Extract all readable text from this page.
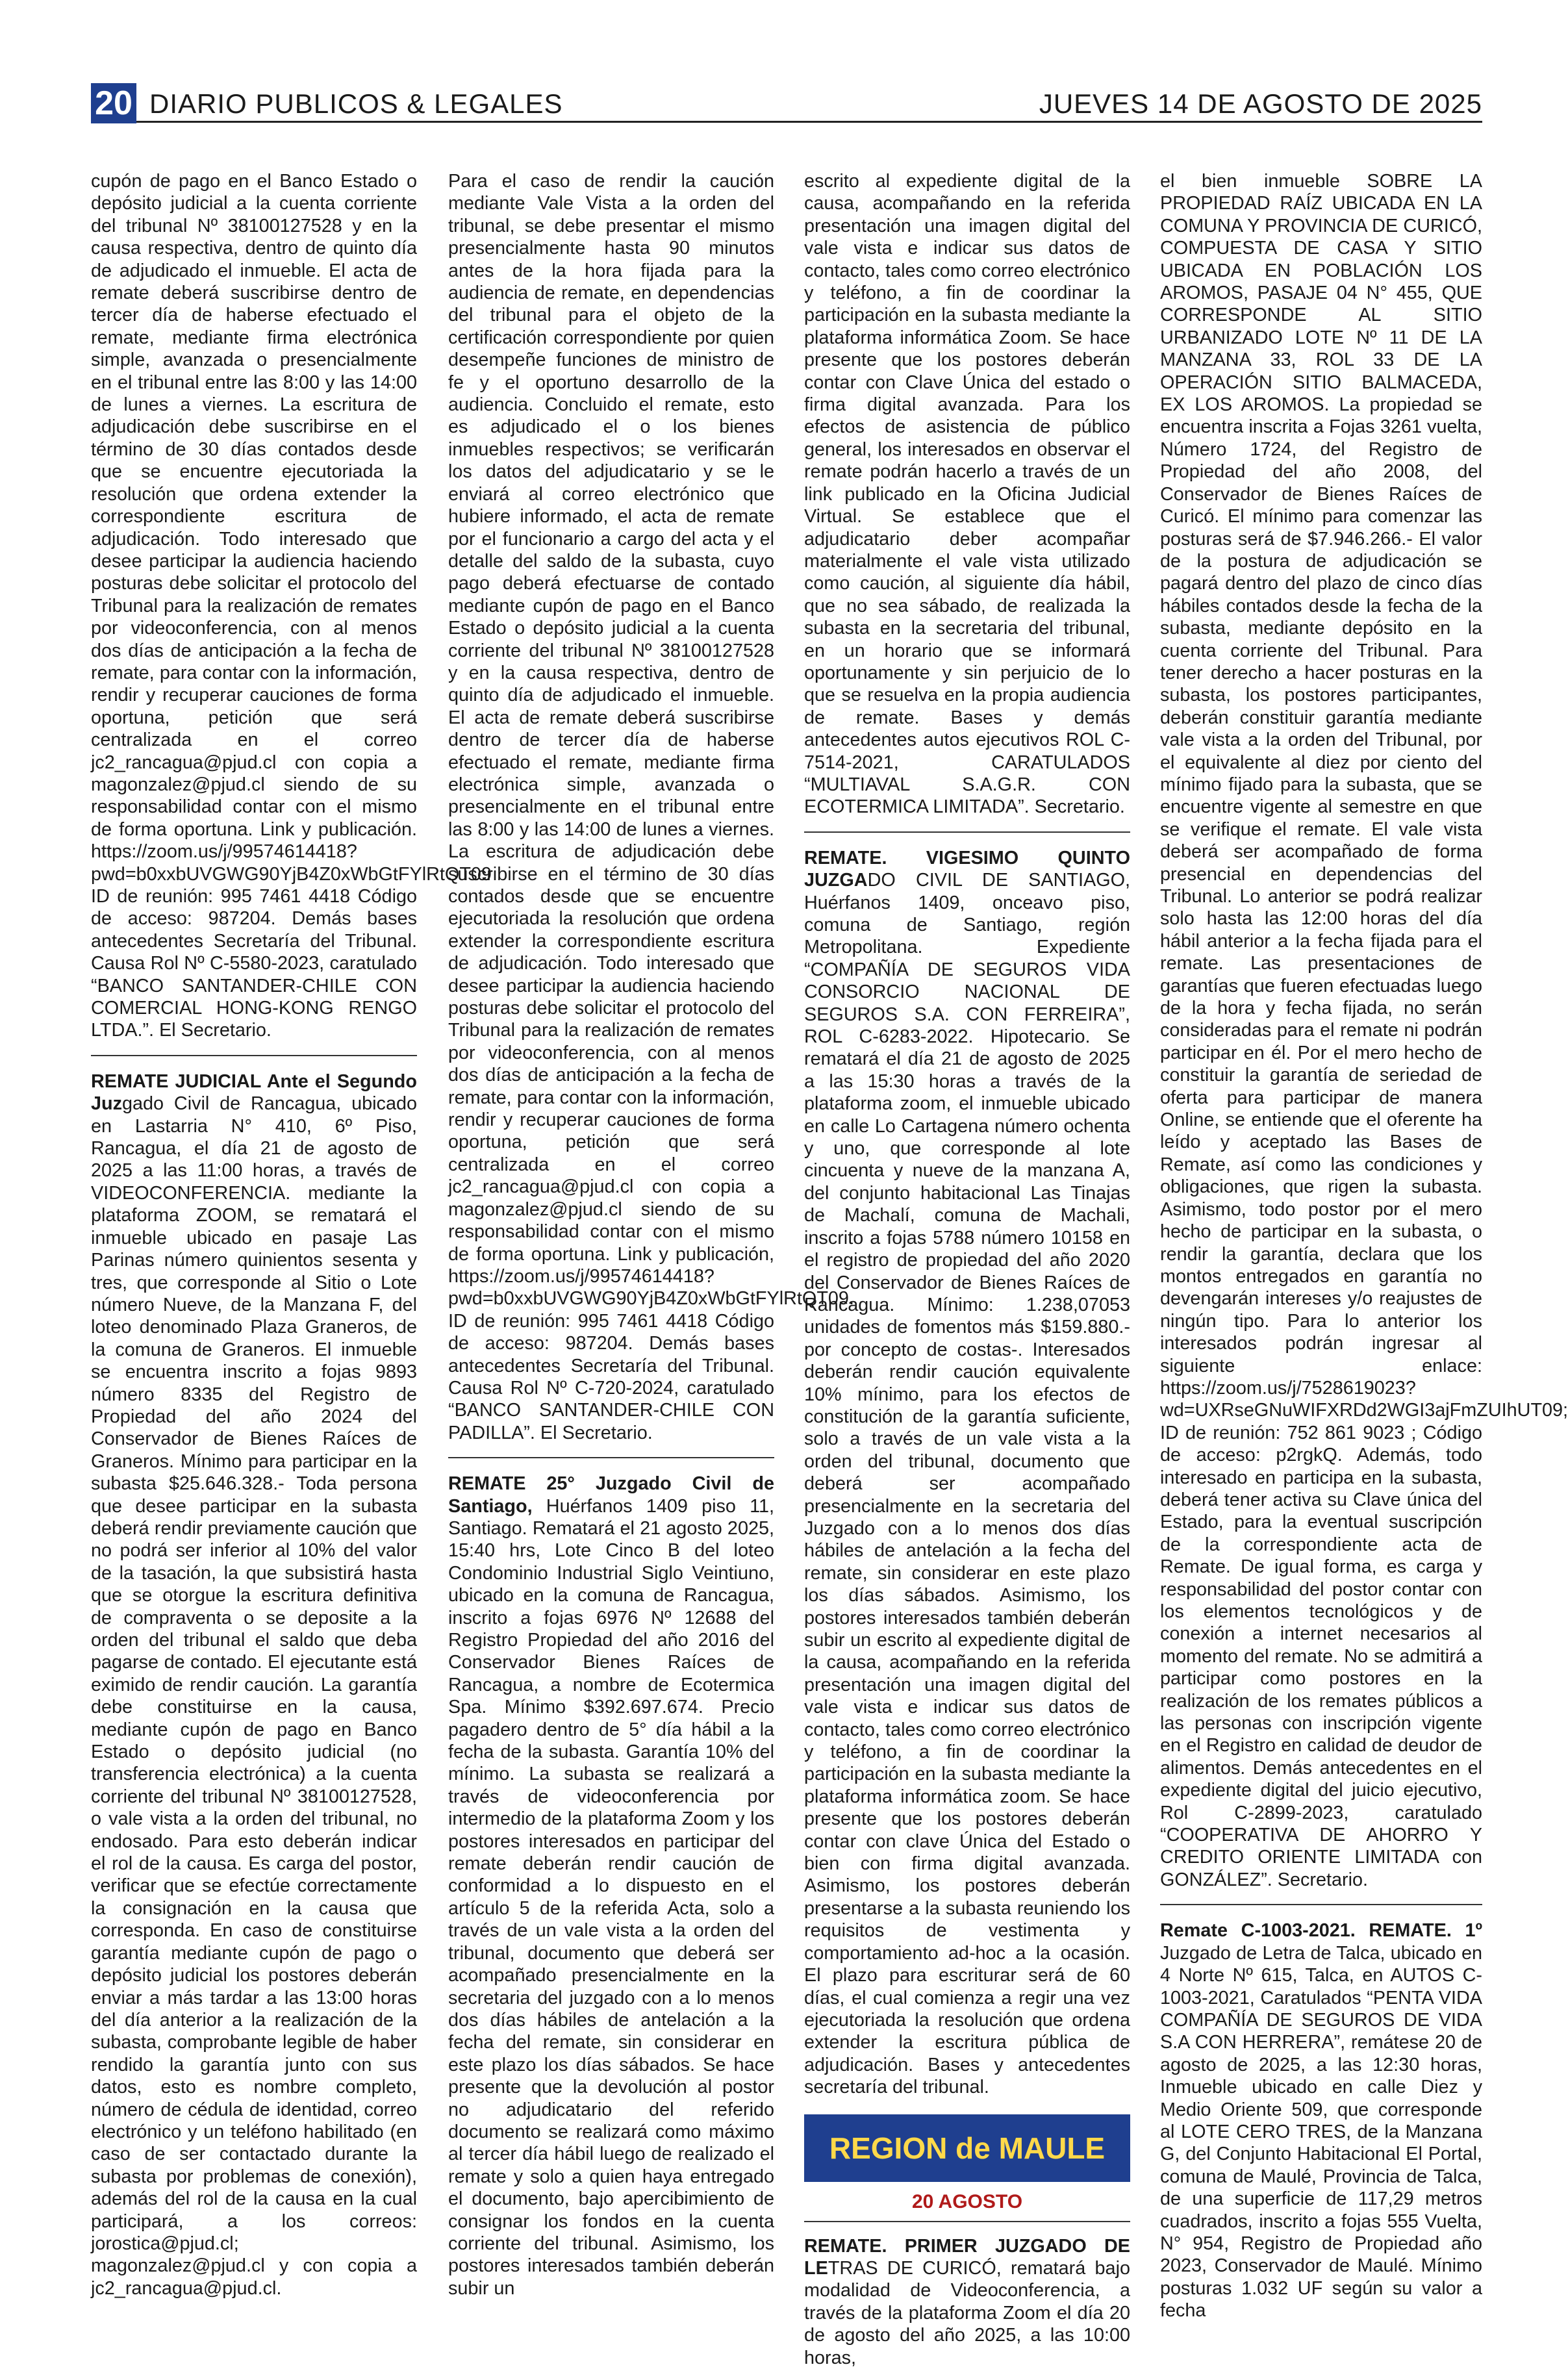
20 DIARIO PUBLICOS & LEGALES	JUEVES 14 DE AGOSTO DE 2025

cupón de pago en el Banco Estado o depósito judicial a la cuenta corriente del tribunal Nº 38100127528 y en la causa respectiva, dentro de quinto día de adjudicado el inmueble. El acta de remate deberá suscribirse dentro de tercer día de haberse efectuado el remate, mediante firma electrónica simple, avanzada o presencialmente en el tribunal entre las 8:00 y las 14:00 de lunes a viernes. La escritura de adjudicación debe suscribirse en el término de 30 días contados desde que se encuentre ejecutoriada la resolución que ordena extender la correspondiente escritura de adjudicación. Todo interesado que desee participar la audiencia haciendo posturas debe solicitar el protocolo del Tribunal para la realización de remates por videoconferencia, con al menos dos días de anticipación a la fecha de remate, para contar con la información, rendir y recuperar cauciones de forma oportuna, petición que será centralizada en el correo jc2_rancagua@pjud.cl con copia a magonzalez@pjud.cl siendo de su responsabilidad contar con el mismo de forma oportuna. Link y publicación. https://zoom.us/j/99574614418?pwd=b0xxbUVGWG90YjB4Z0xWbGtFYlRtQT09 ID de reunión: 995 7461 4418 Código de acceso: 987204. Demás bases antecedentes Secretaría del Tribunal. Causa Rol Nº C-5580-2023, caratulado “BANCO SANTANDER-CHILE CON COMERCIAL HONG-KONG RENGO LTDA.”. El Secretario.

REMATE JUDICIAL Ante el Segundo Juzgado Civil de Rancagua, ubicado en Lastarria N° 410, 6º Piso, Rancagua, el día 21 de agosto de 2025 a las 11:00 horas, a través de VIDEOCONFERENCIA. mediante la plataforma ZOOM, se rematará el inmueble ubicado en pasaje Las Parinas número quinientos sesenta y tres, que corresponde al Sitio o Lote número Nueve, de la Manzana F, del loteo denominado Plaza Graneros, de la comuna de Graneros. El inmueble se encuentra inscrito a fojas 9893 número 8335 del Registro de Propiedad del año 2024 del Conservador de Bienes Raíces de Graneros. Mínimo para participar en la subasta $25.646.328.- Toda persona que desee participar en la subasta deberá rendir previamente caución que no podrá ser inferior al 10% del valor de la tasación, la que subsistirá hasta que se otorgue la escritura definitiva de compraventa o se deposite a la orden del tribunal el saldo que deba pagarse de contado. El ejecutante está eximido de rendir caución. La garantía debe constituirse en la causa, mediante cupón de pago en Banco Estado o depósito judicial (no transferencia electrónica) a la cuenta corriente del tribunal Nº 38100127528, o vale vista a la orden del tribunal, no endosado. Para esto deberán indicar el rol de la causa. Es carga del postor, verificar que se efectúe correctamente la consignación en la causa que corresponda. En caso de constituirse garantía mediante cupón de pago o depósito judicial los postores deberán enviar a más tardar a las 13:00 horas del día anterior a la realización de la subasta, comprobante legible de haber rendido la garantía junto con sus datos, esto es nombre completo, número de cédula de identidad, correo electrónico y un teléfono habilitado (en caso de ser contactado durante la subasta por problemas de conexión), además del rol de la causa en la cual participará, a los correos: jorostica@pjud.cl; magonzalez@pjud.cl y con copia a jc2_rancagua@pjud.cl.

Para el caso de rendir la caución mediante Vale Vista a la orden del tribunal, se debe presentar el mismo presencialmente hasta 90 minutos antes de la hora fijada para la audiencia de remate, en dependencias del tribunal para el objeto de la certificación correspondiente por quien desempeñe funciones de ministro de fe y el oportuno desarrollo de la audiencia. Concluido el remate, esto es adjudicado el o los bienes inmuebles respectivos; se verificarán los datos del adjudicatario y se le enviará al correo electrónico que hubiere informado, el acta de remate por el funcionario a cargo del acta y el detalle del saldo de la subasta, cuyo pago deberá efectuarse de contado mediante cupón de pago en el Banco Estado o depósito judicial a la cuenta corriente del tribunal Nº 38100127528 y en la causa respectiva, dentro de quinto día de adjudicado el inmueble. El acta de remate deberá suscribirse dentro de tercer día de haberse efectuado el remate, mediante firma electrónica simple, avanzada o presencialmente en el tribunal entre las 8:00 y las 14:00 de lunes a viernes. La escritura de adjudicación debe suscribirse en el término de 30 días contados desde que se encuentre ejecutoriada la resolución que ordena extender la correspondiente escritura de adjudicación. Todo interesado que desee participar la audiencia haciendo posturas debe solicitar el protocolo del Tribunal para la realización de remates por videoconferencia, con al menos dos días de anticipación a la fecha de remate, para contar con la información, rendir y recuperar cauciones de forma oportuna, petición que será centralizada en el correo jc2_rancagua@pjud.cl con copia a magonzalez@pjud.cl siendo de su responsabilidad contar con el mismo de forma oportuna. Link y publicación, https://zoom.us/j/99574614418?pwd=b0xxbUVGWG90YjB4Z0xWbGtFYlRtQT09. ID de reunión: 995 7461 4418 Código de acceso: 987204. Demás bases antecedentes Secretaría del Tribunal. Causa Rol Nº C-720-2024, caratulado “BANCO SANTANDER-CHILE CON PADILLA”. El Secretario.

REMATE 25° Juzgado Civil de Santiago, Huérfanos 1409 piso 11, Santiago. Rematará el 21 agosto 2025, 15:40 hrs, Lote Cinco B del loteo Condominio Industrial Siglo Veintiuno, ubicado en la comuna de Rancagua, inscrito a fojas 6976 Nº 12688 del Registro Propiedad del año 2016 del Conservador Bienes Raíces de Rancagua, a nombre de Ecotermica Spa. Mínimo $392.697.674. Precio pagadero dentro de 5° día hábil a la fecha de la subasta. Garantía 10% del mínimo. La subasta se realizará a través de videoconferencia por intermedio de la plataforma Zoom y los postores interesados en participar del remate deberán rendir caución de conformidad a lo dispuesto en el artículo 5 de la referida Acta, solo a través de un vale vista a la orden del tribunal, documento que deberá ser acompañado presencialmente en la secretaria del juzgado con a lo menos dos días hábiles de antelación a la fecha del remate, sin considerar en este plazo los días sábados. Se hace presente que la devolución al postor no adjudicatario del referido documento se realizará como máximo al tercer día hábil luego de realizado el remate y solo a quien haya entregado el documento, bajo apercibimiento de consignar los fondos en la cuenta corriente del tribunal. Asimismo, los postores interesados también deberán subir un

escrito al expediente digital de la causa, acompañando en la referida presentación una imagen digital del vale vista e indicar sus datos de contacto, tales como correo electrónico y teléfono, a fin de coordinar la participación en la subasta mediante la plataforma informática Zoom. Se hace presente que los postores deberán contar con Clave Única del estado o firma digital avanzada. Para los efectos de asistencia de público general, los interesados en observar el remate podrán hacerlo a través de un link publicado en la Oficina Judicial Virtual. Se establece que el adjudicatario deber acompañar materialmente el vale vista utilizado como caución, al siguiente día hábil, que no sea sábado, de realizada la subasta en la secretaria del tribunal, en un horario que se informará oportunamente y sin perjuicio de lo que se resuelva en la propia audiencia de remate. Bases y demás antecedentes autos ejecutivos ROL C-7514-2021, CARATULADOS “MULTIAVAL S.A.G.R. CON ECOTERMICA LIMITADA”. Secretario.

REMATE. VIGESIMO QUINTO JUZGADO CIVIL DE SANTIAGO, Huérfanos 1409, onceavo piso, comuna de Santiago, región Metropolitana. Expediente “COMPAÑÍA DE SEGUROS VIDA CONSORCIO NACIONAL DE SEGUROS S.A. CON FERREIRA”, ROL C-6283-2022. Hipotecario. Se rematará el día 21 de agosto de 2025 a las 15:30 horas a través de la plataforma zoom, el inmueble ubicado en calle Lo Cartagena número ochenta y uno, que corresponde al lote cincuenta y nueve de la manzana A, del conjunto habitacional Las Tinajas de Machalí, comuna de Machali, inscrito a fojas 5788 número 10158 en el registro de propiedad del año 2020 del Conservador de Bienes Raíces de Rancagua. Mínimo: 1.238,07053 unidades de fomentos más $159.880.- por concepto de costas-. Interesados deberán rendir caución equivalente 10% mínimo, para los efectos de constitución de la garantía suficiente, solo a través de un vale vista a la orden del tribunal, documento que deberá ser acompañado presencialmente en la secretaria del Juzgado con a lo menos dos días hábiles de antelación a la fecha del remate, sin considerar en este plazo los días sábados. Asimismo, los postores interesados también deberán subir un escrito al expediente digital de la causa, acompañando en la referida presentación una imagen digital del vale vista e indicar sus datos de contacto, tales como correo electrónico y teléfono, a fin de coordinar la participación en la subasta mediante la plataforma informática zoom. Se hace presente que los postores deberán contar con clave Única del Estado o bien con firma digital avanzada. Asimismo, los postores deberán presentarse a la subasta reuniendo los requisitos de vestimenta y comportamiento ad-hoc a la ocasión. El plazo para escriturar será de 60 días, el cual comienza a regir una vez ejecutoriada la resolución que ordena extender la escritura pública de adjudicación. Bases y antecedentes secretaría del tribunal.

REGION de MAULE
20 AGOSTO

REMATE. PRIMER JUZGADO DE LETRAS DE CURICÓ, rematará bajo modalidad de Videoconferencia, a través de la plataforma Zoom el día 20 de agosto del año 2025, a las 10:00 horas,

el bien inmueble SOBRE LA PROPIEDAD RAÍZ UBICADA EN LA COMUNA Y PROVINCIA DE CURICÓ, COMPUESTA DE CASA Y SITIO UBICADA EN POBLACIÓN LOS AROMOS, PASAJE 04 N° 455, QUE CORRESPONDE AL SITIO URBANIZADO LOTE Nº 11 DE LA MANZANA 33, ROL 33 DE LA OPERACIÓN SITIO BALMACEDA, EX LOS AROMOS. La propiedad se encuentra inscrita a Fojas 3261 vuelta, Número 1724, del Registro de Propiedad del año 2008, del Conservador de Bienes Raíces de Curicó. El mínimo para comenzar las posturas será de $7.946.266.- El valor de la postura de adjudicación se pagará dentro del plazo de cinco días hábiles contados desde la fecha de la subasta, mediante depósito en la cuenta corriente del Tribunal. Para tener derecho a hacer posturas en la subasta, los postores participantes, deberán constituir garantía mediante vale vista a la orden del Tribunal, por el equivalente al diez por ciento del mínimo fijado para la subasta, que se encuentre vigente al semestre en que se verifique el remate. El vale vista deberá ser acompañado de forma presencial en dependencias del Tribunal. Lo anterior se podrá realizar solo hasta las 12:00 horas del día hábil anterior a la fecha fijada para el remate. Las presentaciones de garantías que fueren efectuadas luego de la hora y fecha fijada, no serán consideradas para el remate ni podrán participar en él. Por el mero hecho de constituir la garantía de seriedad de oferta para participar de manera Online, se entiende que el oferente ha leído y aceptado las Bases de Remate, así como las condiciones y obligaciones, que rigen la subasta. Asimismo, todo postor por el mero hecho de participar en la subasta, o rendir la garantía, declara que los montos entregados en garantía no devengarán intereses y/o reajustes de ningún tipo. Para lo anterior los interesados podrán ingresar al siguiente enlace: https://zoom.us/j/7528619023?wd=UXRseGNuWIFXRDd2WGI3ajFmZUIhUT09; ID de reunión: 752 861 9023 ; Código de acceso: p2rgkQ. Además, todo interesado en participa en la subasta, deberá tener activa su Clave única del Estado, para la eventual suscripción de la correspondiente acta de Remate. De igual forma, es carga y responsabilidad del postor contar con los elementos tecnológicos y de conexión a internet necesarios al momento del remate. No se admitirá a participar como postores en la realización de los remates públicos a las personas con inscripción vigente en el Registro en calidad de deudor de alimentos. Demás antecedentes en el expediente digital del juicio ejecutivo, Rol C-2899-2023, caratulado “COOPERATIVA DE AHORRO Y CREDITO ORIENTE LIMITADA con GONZÁLEZ”. Secretario.

Remate C-1003-2021. REMATE. 1º Juzgado de Letra de Talca, ubicado en 4 Norte Nº 615, Talca, en AUTOS C-1003-2021, Caratulados “PENTA VIDA COMPAÑÍA DE SEGUROS DE VIDA S.A CON HERRERA”, remátese 20 de agosto de 2025, a las 12:30 horas, Inmueble ubicado en calle Diez y Medio Oriente 509, que corresponde al LOTE CERO TRES, de la Manzana G, del Conjunto Habitacional El Portal, comuna de Maulé, Provincia de Talca, de una superficie de 117,29 metros cuadrados, inscrito a fojas 555 Vuelta, N° 954, Registro de Propiedad año 2023, Conservador de Maulé. Mínimo posturas 1.032 UF según su valor a fecha
